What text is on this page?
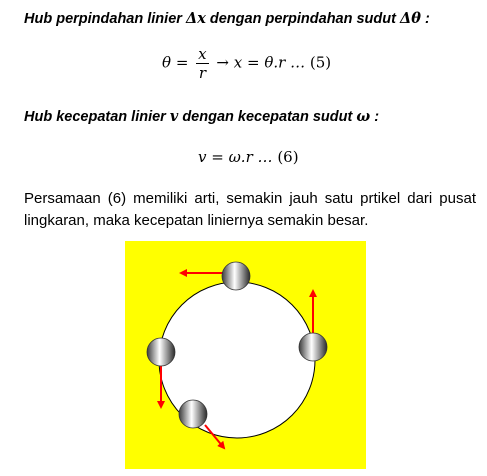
Hub perpindahan linier Δx dengan perpindahan sudut Δθ :
$\theta = \frac{x}{r} \to x = \theta.r$ … (5)
Hub kecepatan linier v dengan kecepatan sudut ω :
v = ω.r … (6)
Persamaan (6) memiliki arti, semakin jauh satu prtikel dari pusat lingkaran, maka kecepatan liniernya semakin besar.
